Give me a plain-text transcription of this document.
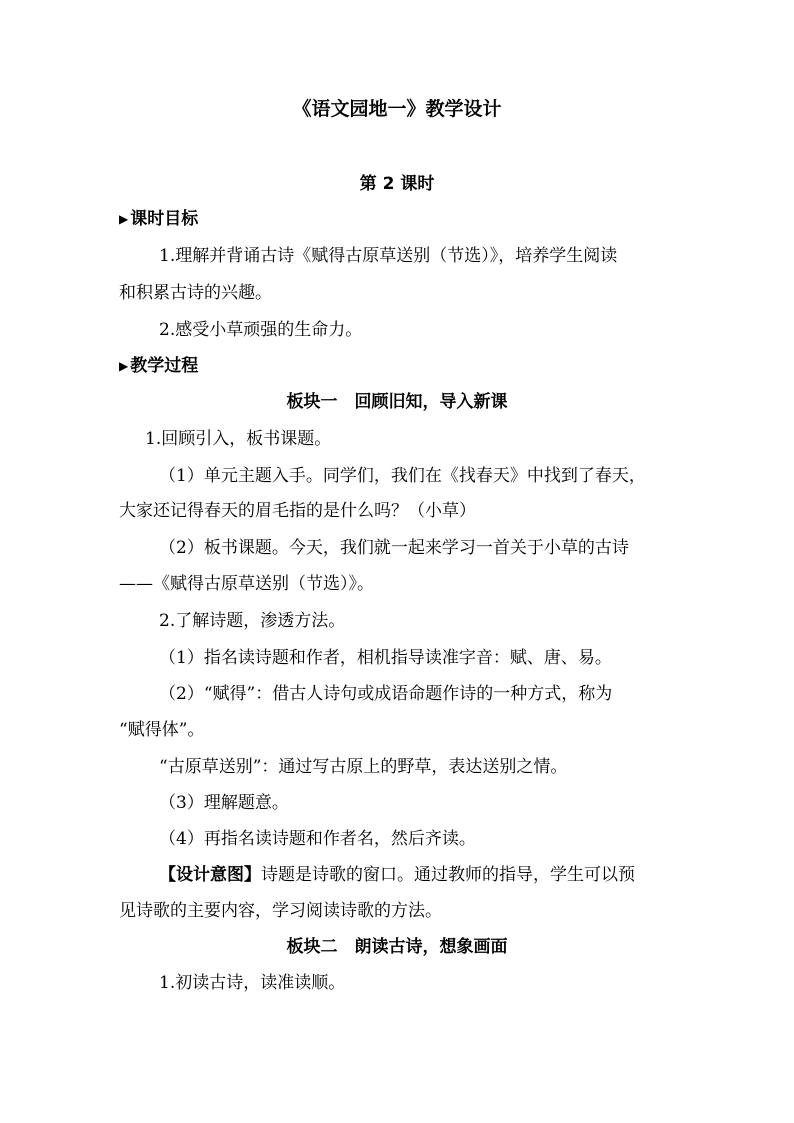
《语文园地一》教学设计
第 2 课时
▶ 课时目标
1.理解并背诵古诗《赋得古原草送别（节选）》，培养学生阅读
和积累古诗的兴趣。
2.感受小草顽强的生命力。
▶ 教学过程
板块一　回顾旧知，导入新课
1.回顾引入，板书课题。
（1）单元主题入手。同学们，我们在《找春天》中找到了春天，
大家还记得春天的眉毛指的是什么吗？（小草）
（2）板书课题。今天，我们就一起来学习一首关于小草的古诗
——《赋得古原草送别（节选）》。
2.了解诗题，渗透方法。
（1）指名读诗题和作者，相机指导读准字音：赋、唐、易。
（2）“赋得”：借古人诗句或成语命题作诗的一种方式，称为
“赋得体”。
“古原草送别”：通过写古原上的野草，表达送别之情。
（3）理解题意。
（4）再指名读诗题和作者名，然后齐读。
【设计意图】诗题是诗歌的窗口。通过教师的指导，学生可以预
见诗歌的主要内容，学习阅读诗歌的方法。
板块二　朗读古诗，想象画面
1.初读古诗，读准读顺。
